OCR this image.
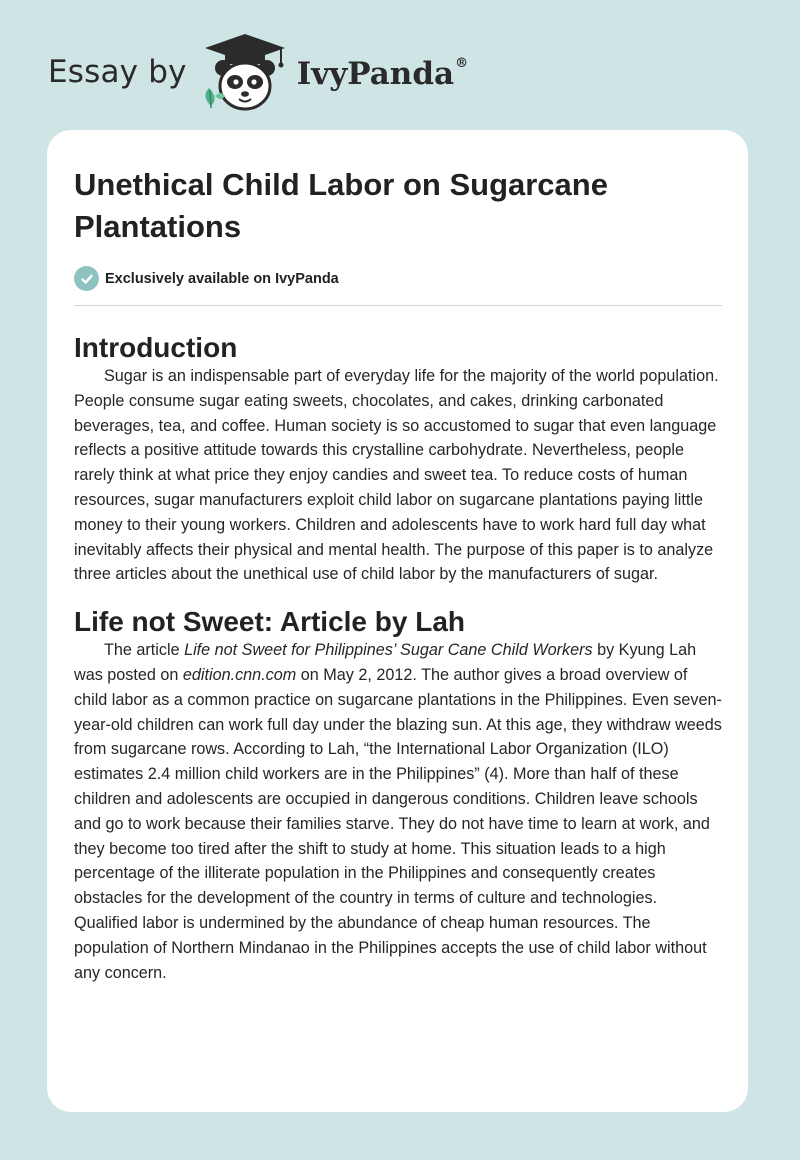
Essay by	IvyPanda®
Unethical Child Labor on Sugarcane Plantations
Exclusively available on IvyPanda
Introduction

Sugar is an indispensable part of everyday life for the majority of the world population. People consume sugar eating sweets, chocolates, and cakes, drinking carbonated beverages, tea, and coffee. Human society is so accustomed to sugar that even language reflects a positive attitude towards this crystalline carbohydrate. Nevertheless, people rarely think at what price they enjoy candies and sweet tea. To reduce costs of human resources, sugar manufacturers exploit child labor on sugarcane plantations paying little money to their young workers. Children and adolescents have to work hard full day what inevitably affects their physical and mental health. The purpose of this paper is to analyze three articles about the unethical use of child labor by the manufacturers of sugar.

Life not Sweet: Article by Lah

The article Life not Sweet for Philippines’ Sugar Cane Child Workers by Kyung Lah was posted on edition.cnn.com on May 2, 2012. The author gives a broad overview of child labor as a common practice on sugarcane plantations in the Philippines. Even seven-year-old children can work full day under the blazing sun. At this age, they withdraw weeds from sugarcane rows. According to Lah, “the International Labor Organization (ILO) estimates 2.4 million child workers are in the Philippines” (4). More than half of these children and adolescents are occupied in dangerous conditions. Children leave schools and go to work because their families starve. They do not have time to learn at work, and they become too tired after the shift to study at home. This situation leads to a high percentage of the illiterate population in the Philippines and consequently creates obstacles for the development of the country in terms of culture and technologies. Qualified labor is undermined by the abundance of cheap human resources. The population of Northern Mindanao in the Philippines accepts the use of child labor without any concern.
